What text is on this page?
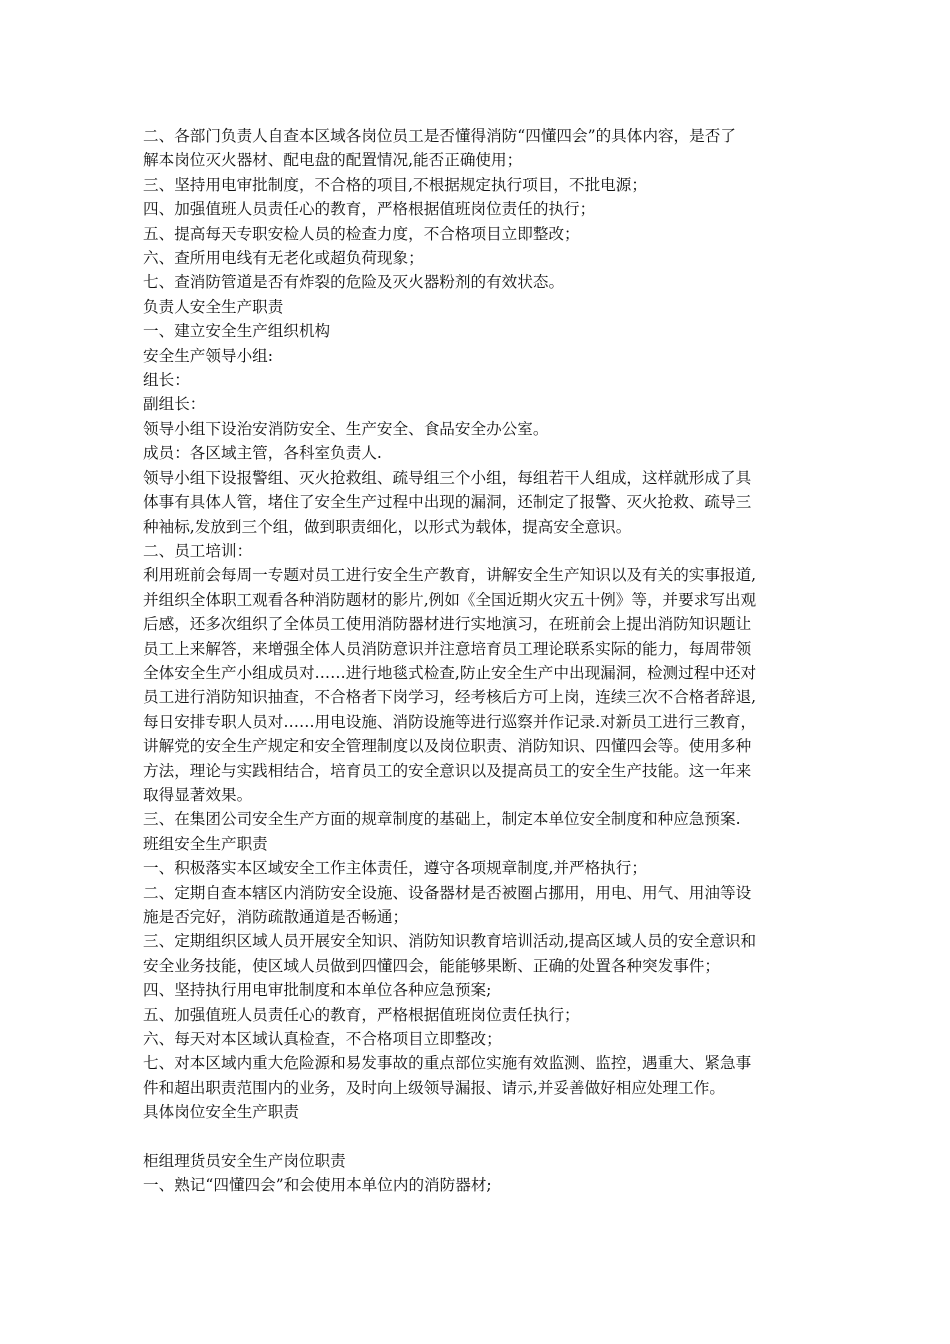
二、各部门负责人自查本区域各岗位员工是否懂得消防“四懂四会”的具体内容，是否了
解本岗位灭火器材、配电盘的配置情况,能否正确使用；
三、坚持用电审批制度，不合格的项目,不根据规定执行项目，不批电源；
四、加强值班人员责任心的教育，严格根据值班岗位责任的执行；
五、提高每天专职安检人员的检查力度，不合格项目立即整改；
六、查所用电线有无老化或超负荷现象；
七、查消防管道是否有炸裂的危险及灭火器粉剂的有效状态。
负责人安全生产职责
一、建立安全生产组织机构
安全生产领导小组:
组长：
副组长：
领导小组下设治安消防安全、生产安全、食品安全办公室。
成员：各区域主管，各科室负责人.
领导小组下设报警组、灭火抢救组、疏导组三个小组，每组若干人组成，这样就形成了具
体事有具体人管，堵住了安全生产过程中出现的漏洞，还制定了报警、灭火抢救、疏导三
种袖标,发放到三个组，做到职责细化，以形式为载体，提高安全意识。
二、员工培训：
利用班前会每周一专题对员工进行安全生产教育，讲解安全生产知识以及有关的实事报道,
并组织全体职工观看各种消防题材的影片,例如《全国近期火灾五十例》等，并要求写出观
后感，还多次组织了全体员工使用消防器材进行实地演习，在班前会上提出消防知识题让
员工上来解答，来增强全体人员消防意识并注意培育员工理论联系实际的能力，每周带领
全体安全生产小组成员对……进行地毯式检查,防止安全生产中出现漏洞，检测过程中还对
员工进行消防知识抽查，不合格者下岗学习，经考核后方可上岗，连续三次不合格者辞退,
每日安排专职人员对……用电设施、消防设施等进行巡察并作记录.对新员工进行三教育，
讲解党的安全生产规定和安全管理制度以及岗位职责、消防知识、四懂四会等。使用多种
方法，理论与实践相结合，培育员工的安全意识以及提高员工的安全生产技能。这一年来
取得显著效果。
三、在集团公司安全生产方面的规章制度的基础上，制定本单位安全制度和种应急预案.
班组安全生产职责
一、积极落实本区域安全工作主体责任，遵守各项规章制度,并严格执行；
二、定期自查本辖区内消防安全设施、设备器材是否被圈占挪用，用电、用气、用油等设
施是否完好，消防疏散通道是否畅通；
三、定期组织区域人员开展安全知识、消防知识教育培训活动,提高区域人员的安全意识和
安全业务技能，使区域人员做到四懂四会，能能够果断、正确的处置各种突发事件；
四、坚持执行用电审批制度和本单位各种应急预案;
五、加强值班人员责任心的教育，严格根据值班岗位责任执行；
六、每天对本区域认真检查，不合格项目立即整改；
七、对本区域内重大危险源和易发事故的重点部位实施有效监测、监控，遇重大、紧急事
件和超出职责范围内的业务，及时向上级领导漏报、请示,并妥善做好相应处理工作。
具体岗位安全生产职责
柜组理货员安全生产岗位职责
一、熟记“四懂四会”和会使用本单位内的消防器材;
